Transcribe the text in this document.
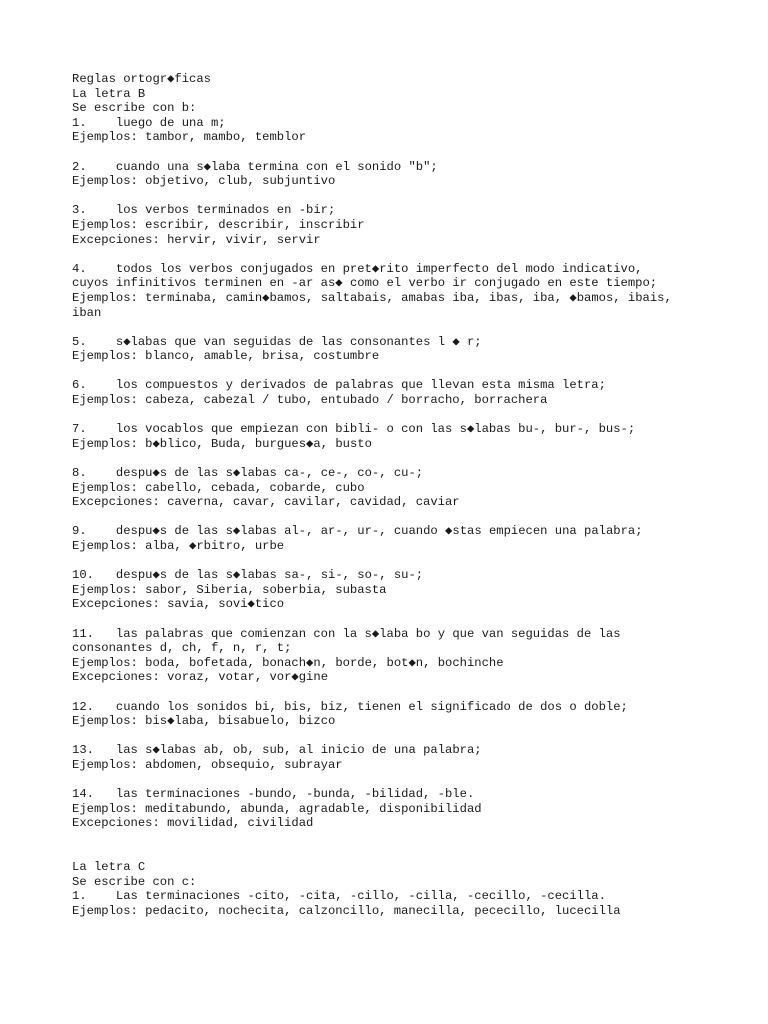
Reglas ortogr◆ficas
La letra B
Se escribe con b:
1.    luego de una m;
Ejemplos: tambor, mambo, temblor
2.    cuando una s◆laba termina con el sonido "b";
Ejemplos: objetivo, club, subjuntivo
3.    los verbos terminados en -bir;
Ejemplos: escribir, describir, inscribir
Excepciones: hervir, vivir, servir
4.    todos los verbos conjugados en pret◆rito imperfecto del modo indicativo,
cuyos infinitivos terminen en -ar as◆ como el verbo ir conjugado en este tiempo;
Ejemplos: terminaba, camin◆bamos, saltabais, amabas iba, ibas, iba, ◆bamos, ibais,
iban
5.    s◆labas que van seguidas de las consonantes l ◆ r;
Ejemplos: blanco, amable, brisa, costumbre
6.    los compuestos y derivados de palabras que llevan esta misma letra;
Ejemplos: cabeza, cabezal / tubo, entubado / borracho, borrachera
7.    los vocablos que empiezan con bibli- o con las s◆labas bu-, bur-, bus-;
Ejemplos: b◆blico, Buda, burgues◆a, busto
8.    despu◆s de las s◆labas ca-, ce-, co-, cu-;
Ejemplos: cabello, cebada, cobarde, cubo
Excepciones: caverna, cavar, cavilar, cavidad, caviar
9.    despu◆s de las s◆labas al-, ar-, ur-, cuando ◆stas empiecen una palabra;
Ejemplos: alba, ◆rbitro, urbe
10.   despu◆s de las s◆labas sa-, si-, so-, su-;
Ejemplos: sabor, Siberia, soberbia, subasta
Excepciones: savia, sovi◆tico
11.   las palabras que comienzan con la s◆laba bo y que van seguidas de las
consonantes d, ch, f, n, r, t;
Ejemplos: boda, bofetada, bonach◆n, borde, bot◆n, bochinche
Excepciones: voraz, votar, vor◆gine
12.   cuando los sonidos bi, bis, biz, tienen el significado de dos o doble;
Ejemplos: bis◆laba, bisabuelo, bizco
13.   las s◆labas ab, ob, sub, al inicio de una palabra;
Ejemplos: abdomen, obsequio, subrayar
14.   las terminaciones -bundo, -bunda, -bilidad, -ble.
Ejemplos: meditabundo, abunda, agradable, disponibilidad
Excepciones: movilidad, civilidad
La letra C
Se escribe con c:
1.    Las terminaciones -cito, -cita, -cillo, -cilla, -cecillo, -cecilla.
Ejemplos: pedacito, nochecita, calzoncillo, manecilla, pececillo, lucecilla
